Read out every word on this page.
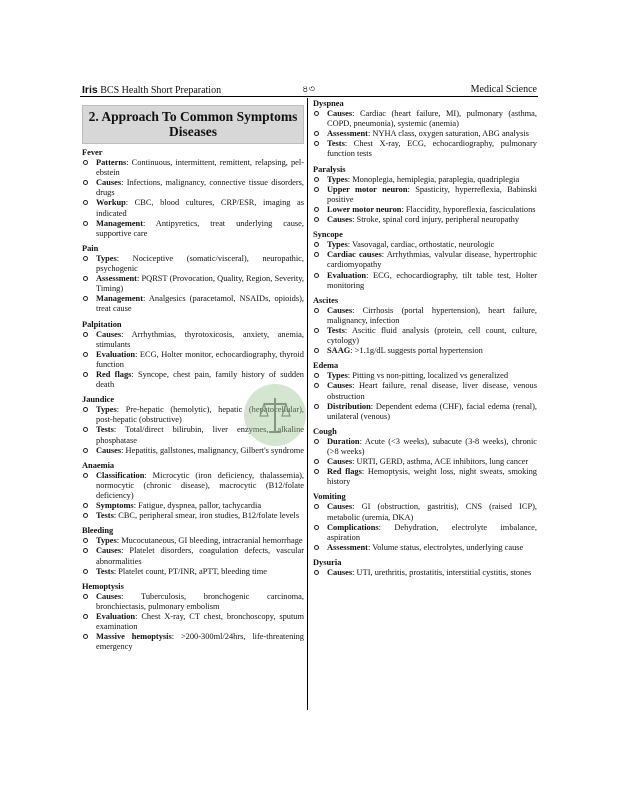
Iris BCS Health Short Preparation	৪৩	Medical Science
2. Approach To Common Symptoms Diseases
Fever
Patterns: Continuous, intermittent, remittent, relapsing, pel-ebstein
Causes: Infections, malignancy, connective tissue disorders, drugs
Workup: CBC, blood cultures, CRP/ESR, imaging as indicated
Management: Antipyretics, treat underlying cause, supportive care
Pain
Types: Nociceptive (somatic/visceral), neuropathic, psychogenic
Assessment: PQRST (Provocation, Quality, Region, Severity, Timing)
Management: Analgesics (paracetamol, NSAIDs, opioids), treat cause
Palpitation
Causes: Arrhythmias, thyrotoxicosis, anxiety, anemia, stimulants
Evaluation: ECG, Holter monitor, echocardiography, thyroid function
Red flags: Syncope, chest pain, family history of sudden death
Jaundice
Types: Pre-hepatic (hemolytic), hepatic (hepatocellular), post-hepatic (obstructive)
Tests: Total/direct bilirubin, liver enzymes, alkaline phosphatase
Causes: Hepatitis, gallstones, malignancy, Gilbert's syndrome
Anaemia
Classification: Microcytic (iron deficiency, thalassemia), normocytic (chronic disease), macrocytic (B12/folate deficiency)
Symptoms: Fatigue, dyspnea, pallor, tachycardia
Tests: CBC, peripheral smear, iron studies, B12/folate levels
Bleeding
Types: Mucocutaneous, GI bleeding, intracranial hemorrhage
Causes: Platelet disorders, coagulation defects, vascular abnormalities
Tests: Platelet count, PT/INR, aPTT, bleeding time
Hemoptysis
Causes: Tuberculosis, bronchogenic carcinoma, bronchiectasis, pulmonary embolism
Evaluation: Chest X-ray, CT chest, bronchoscopy, sputum examination
Massive hemoptysis: >200-300ml/24hrs, life-threatening emergency
Dyspnea
Causes: Cardiac (heart failure, MI), pulmonary (asthma, COPD, pneumonia), systemic (anemia)
Assessment: NYHA class, oxygen saturation, ABG analysis
Tests: Chest X-ray, ECG, echocardiography, pulmonary function tests
Paralysis
Types: Monoplegia, hemiplegia, paraplegia, quadriplegia
Upper motor neuron: Spasticity, hyperreflexia, Babinski positive
Lower motor neuron: Flaccidity, hyporeflexia, fasciculations
Causes: Stroke, spinal cord injury, peripheral neuropathy
Syncope
Types: Vasovagal, cardiac, orthostatic, neurologic
Cardiac causes: Arrhythmias, valvular disease, hypertrophic cardiomyopathy
Evaluation: ECG, echocardiography, tilt table test, Holter monitoring
Ascites
Causes: Cirrhosis (portal hypertension), heart failure, malignancy, infection
Tests: Ascitic fluid analysis (protein, cell count, culture, cytology)
SAAG: >1.1g/dL suggests portal hypertension
Edema
Types: Pitting vs non-pitting, localized vs generalized
Causes: Heart failure, renal disease, liver disease, venous obstruction
Distribution: Dependent edema (CHF), facial edema (renal), unilateral (venous)
Cough
Duration: Acute (<3 weeks), subacute (3-8 weeks), chronic (>8 weeks)
Causes: URTI, GERD, asthma, ACE inhibitors, lung cancer
Red flags: Hemoptysis, weight loss, night sweats, smoking history
Vomiting
Causes: GI (obstruction, gastritis), CNS (raised ICP), metabolic (uremia, DKA)
Complications: Dehydration, electrolyte imbalance, aspiration
Assessment: Volume status, electrolytes, underlying cause
Dysuria
Causes: UTI, urethritis, prostatitis, interstitial cystitis, stones
